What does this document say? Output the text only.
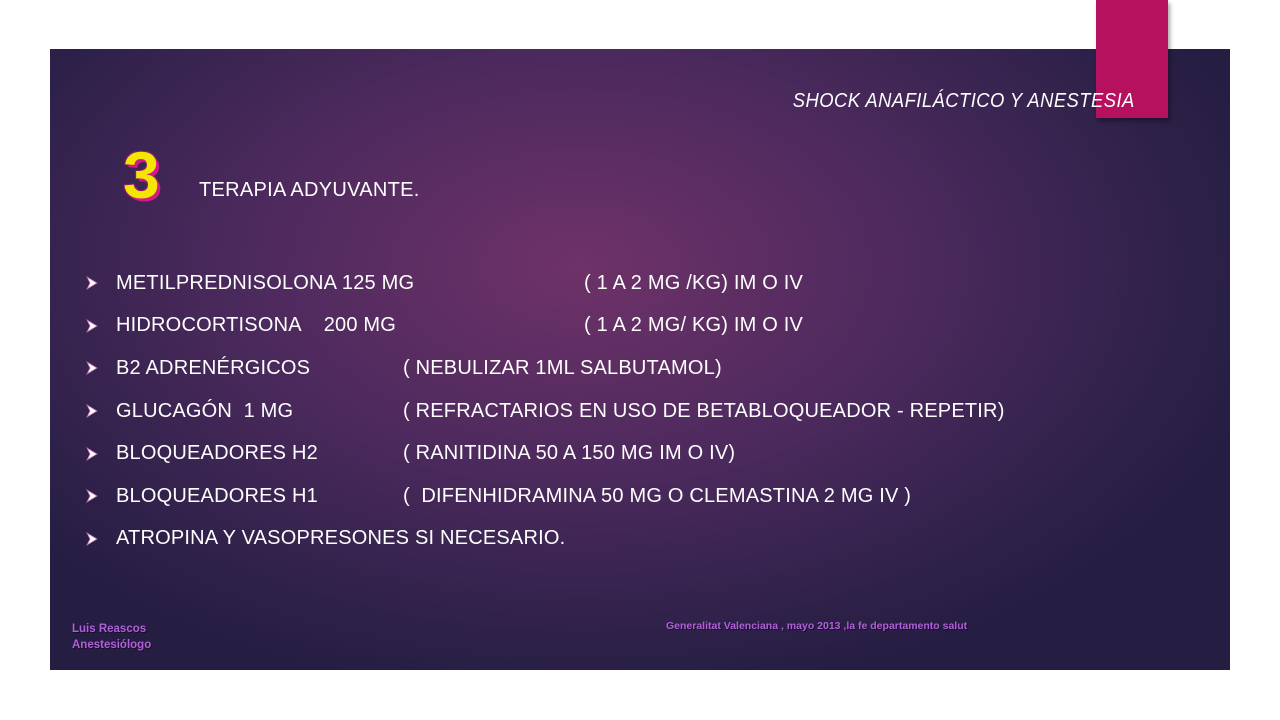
SHOCK ANAFILÁCTICO Y ANESTESIA
3 TERAPIA ADYUVANTE.
METILPREDNISOLONA 125 MG	( 1 A 2 MG /KG) IM O IV
HIDROCORTISONA    200 MG	( 1 A 2 MG/ KG) IM O IV
B2 ADRENÉRGICOS	( NEBULIZAR 1ML SALBUTAMOL)
GLUCAGÓN  1 MG	( REFRACTARIOS EN USO DE BETABLOQUEADOR - REPETIR)
BLOQUEADORES H2	( RANITIDINA 50 A 150 MG IM O IV)
BLOQUEADORES H1	(  DIFENHIDRAMINA 50 MG O CLEMASTINA 2 MG IV )
ATROPINA Y VASOPRESONES SI NECESARIO.
Luis Reascos
Anestesiólogo
Generalitat Valenciana , mayo 2013 ,la fe departamento salut
